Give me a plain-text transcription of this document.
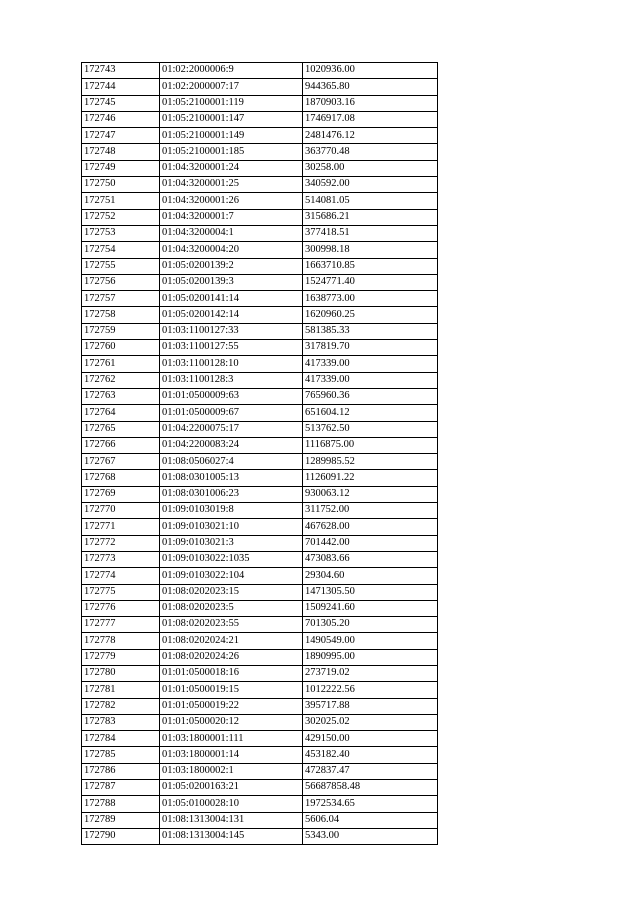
172743	01:02:2000006:9	1020936.00
172744	01:02:2000007:17	944365.80
172745	01:05:2100001:119	1870903.16
172746	01:05:2100001:147	1746917.08
172747	01:05:2100001:149	2481476.12
172748	01:05:2100001:185	363770.48
172749	01:04:3200001:24	30258.00
172750	01:04:3200001:25	340592.00
172751	01:04:3200001:26	514081.05
172752	01:04:3200001:7	315686.21
172753	01:04:3200004:1	377418.51
172754	01:04:3200004:20	300998.18
172755	01:05:0200139:2	1663710.85
172756	01:05:0200139:3	1524771.40
172757	01:05:0200141:14	1638773.00
172758	01:05:0200142:14	1620960.25
172759	01:03:1100127:33	581385.33
172760	01:03:1100127:55	317819.70
172761	01:03:1100128:10	417339.00
172762	01:03:1100128:3	417339.00
172763	01:01:0500009:63	765960.36
172764	01:01:0500009:67	651604.12
172765	01:04:2200075:17	513762.50
172766	01:04:2200083:24	1116875.00
172767	01:08:0506027:4	1289985.52
172768	01:08:0301005:13	1126091.22
172769	01:08:0301006:23	930063.12
172770	01:09:0103019:8	311752.00
172771	01:09:0103021:10	467628.00
172772	01:09:0103021:3	701442.00
172773	01:09:0103022:1035	473083.66
172774	01:09:0103022:104	29304.60
172775	01:08:0202023:15	1471305.50
172776	01:08:0202023:5	1509241.60
172777	01:08:0202023:55	701305.20
172778	01:08:0202024:21	1490549.00
172779	01:08:0202024:26	1890995.00
172780	01:01:0500018:16	273719.02
172781	01:01:0500019:15	1012222.56
172782	01:01:0500019:22	395717.88
172783	01:01:0500020:12	302025.02
172784	01:03:1800001:111	429150.00
172785	01:03:1800001:14	453182.40
172786	01:03:1800002:1	472837.47
172787	01:05:0200163:21	56687858.48
172788	01:05:0100028:10	1972534.65
172789	01:08:1313004:131	5606.04
172790	01:08:1313004:145	5343.00
